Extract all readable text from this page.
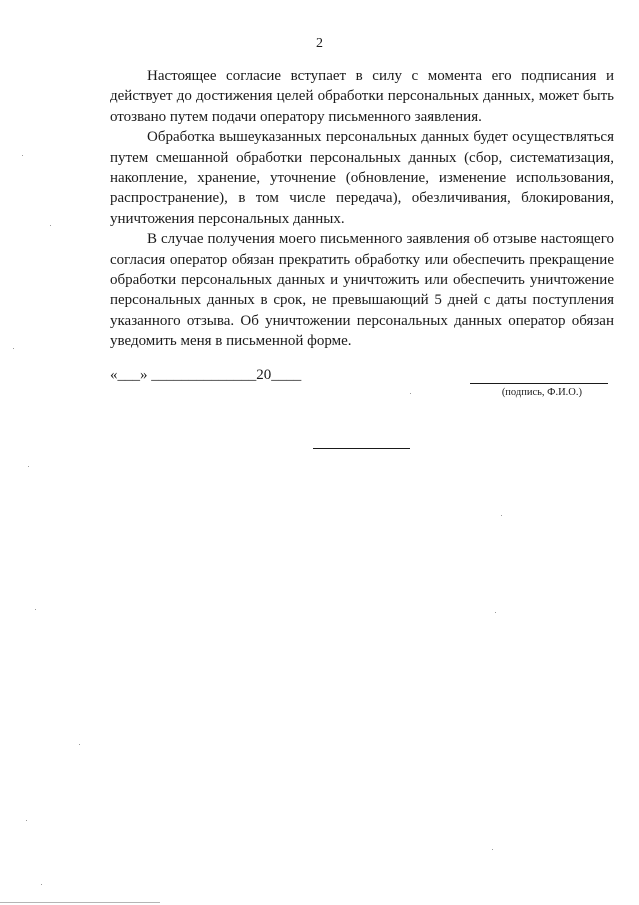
2

Настоящее согласие вступает в силу с момента его подписания и действует до достижения целей обработки персональных данных, может быть отозвано путем подачи оператору письменного заявления.

Обработка вышеуказанных персональных данных будет осуществляться путем смешанной обработки персональных данных (сбор, систематизация, накопление, хранение, уточнение (обновление, изменение использования, распространение), в том числе передача), обезличивания, блокирования, уничтожения персональных данных.

В случае получения моего письменного заявления об отзыве настоящего согласия оператор обязан прекратить обработку или обеспечить прекращение обработки персональных данных и уничтожить или обеспечить уничтожение персональных данных в срок, не превышающий 5 дней с даты поступления указанного отзыва. Об уничтожении персональных данных оператор обязан уведомить меня в письменной форме.

«___» ______________20____
(подпись, Ф.И.О.)
